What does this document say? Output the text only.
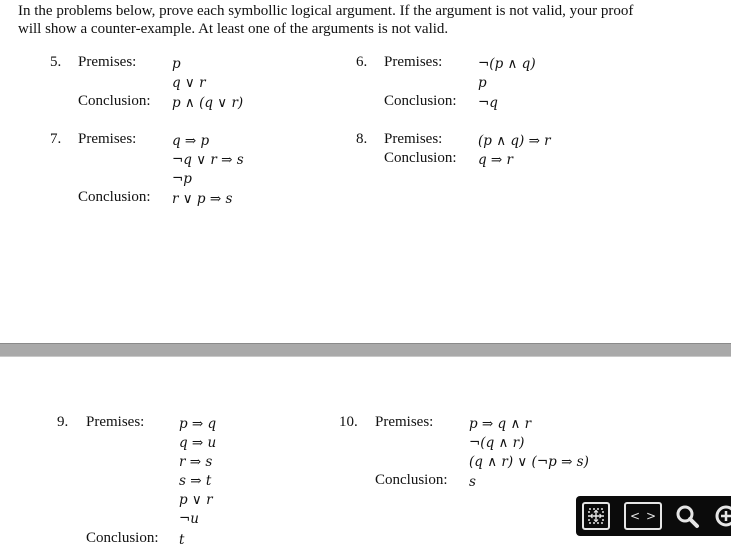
In the problems below, prove each symbollic logical argument. If the argument is not valid, your proof
will show a counter-example. At least one of the arguments is not valid.
5. Premises:	p
q ∨ r
Conclusion: p ∧ (q ∨ r)
6. Premises:	¬(p ∧ q)
p
Conclusion: ¬q
7. Premises:	q ⇒ p
¬q ∨ r ⇒ s
¬p
Conclusion: r ∨ p ⇒ s
8. Premises:	(p ∧ q) ⇒ r
Conclusion: q ⇒ r
9. Premises:	p ⇒ q
q ⇒ u
r ⇒ s
s ⇒ t
p ∨ r
¬u
Conclusion: t
10. Premises:	p ⇒ q ∧ r
¬(q ∧ r)
(q ∧ r) ∨ (¬p ⇒ s)
Conclusion: s
< >
